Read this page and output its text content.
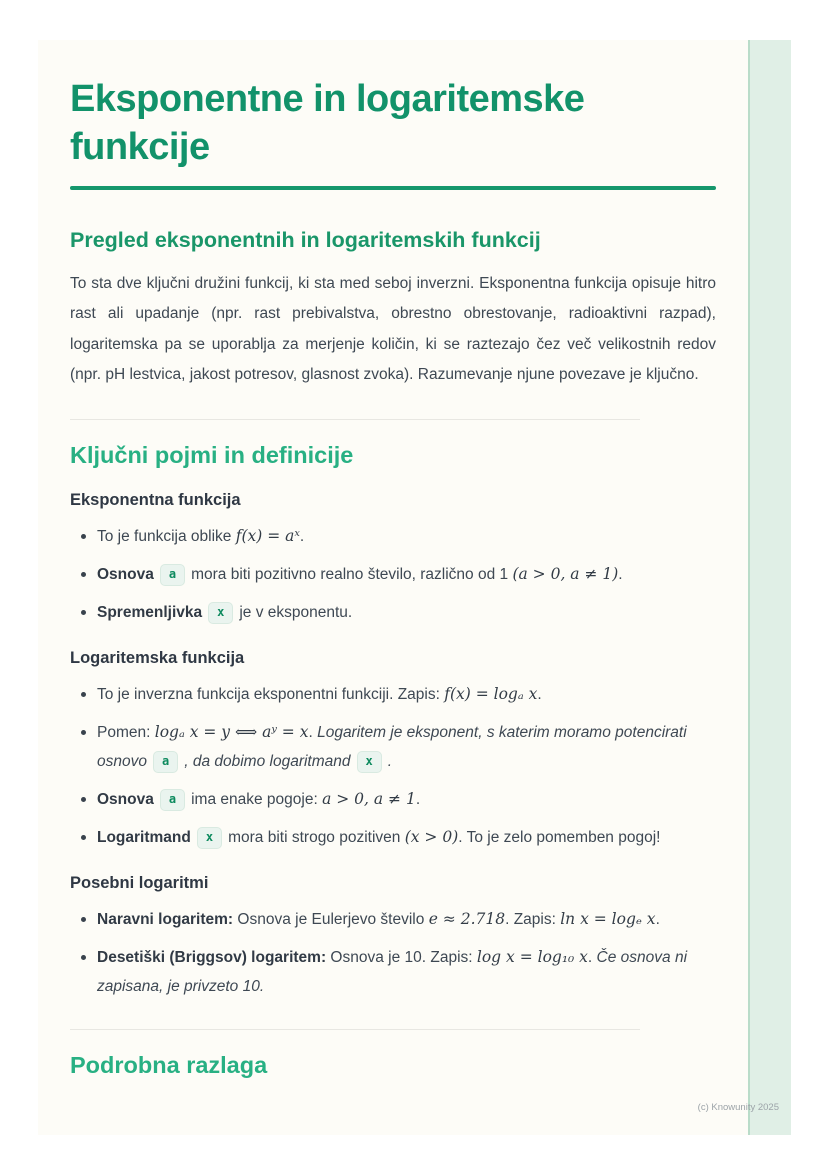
Eksponentne in logaritemske funkcije
Pregled eksponentnih in logaritemskih funkcij

To sta dve ključni družini funkcij, ki sta med seboj inverzni. Eksponentna funkcija opisuje hitro rast ali upadanje (npr. rast prebivalstva, obrestno obrestovanje, radioaktivni razpad), logaritemska pa se uporablja za merjenje količin, ki se raztezajo čez več velikostnih redov (npr. pH lestvica, jakost potresov, glasnost zvoka). Razumevanje njune povezave je ključno.

Ključni pojmi in definicije
Eksponentna funkcija
To je funkcija oblike f(x) = aˣ.
Osnova a mora biti pozitivno realno število, različno od 1 (a > 0, a ≠ 1).
Spremenljivka x je v eksponentu.
Logaritemska funkcija
To je inverzna funkcija eksponentni funkciji. Zapis: f(x) = logₐ x.
Pomen: logₐ x = y ⟺ aʸ = x. Logaritem je eksponent, s katerim moramo potencirati osnovo a , da dobimo logaritmand x .
Osnova a ima enake pogoje: a > 0, a ≠ 1.
Logaritmand x mora biti strogo pozitiven (x > 0). To je zelo pomemben pogoj!
Posebni logaritmi
Naravni logaritem: Osnova je Eulerjevo število e ≈ 2.718. Zapis: ln x = logₑ x.
Desetiški (Briggsov) logaritem: Osnova je 10. Zapis: log x = log₁₀ x. Če osnova ni zapisana, je privzeto 10.
Podrobna razlaga
(c) Knowunity 2025
